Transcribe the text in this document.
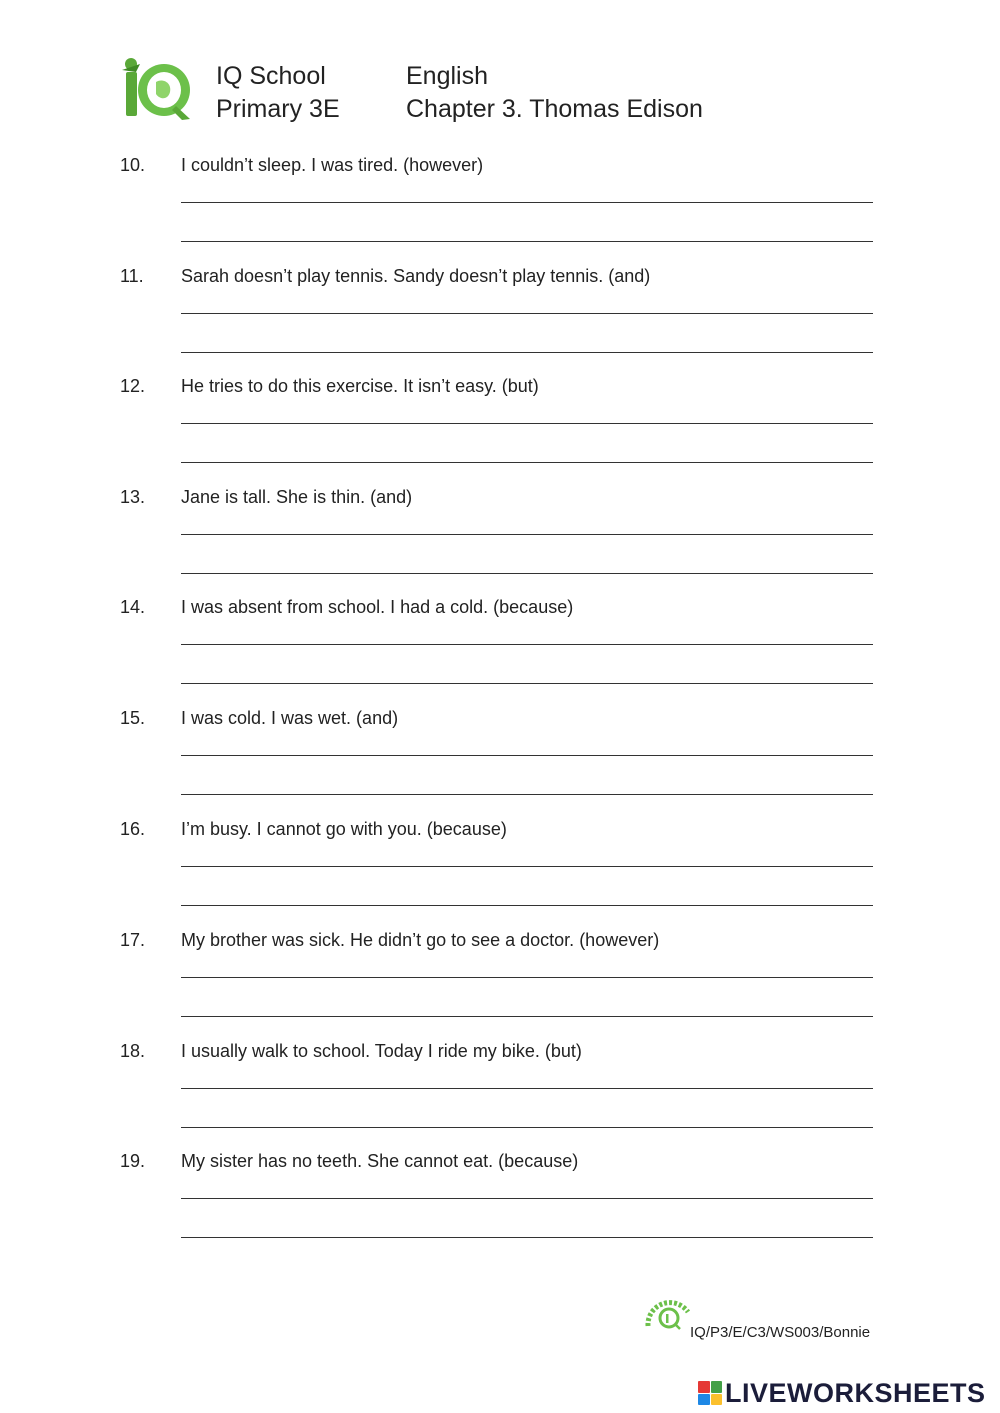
IQ School
Primary 3E
English
Chapter 3. Thomas Edison
10. I couldn’t sleep. I was tired. (however)
11. Sarah doesn’t play tennis. Sandy doesn’t play tennis. (and)
12. He tries to do this exercise. It isn’t easy. (but)
13. Jane is tall. She is thin. (and)
14. I was absent from school. I had a cold. (because)
15. I was cold. I was wet. (and)
16. I’m busy. I cannot go with you. (because)
17. My brother was sick. He didn’t go to see a doctor. (however)
18. I usually walk to school. Today I ride my bike. (but)
19. My sister has no teeth. She cannot eat. (because)
IQ/P3/E/C3/WS003/Bonnie
LIVEWORKSHEETS
